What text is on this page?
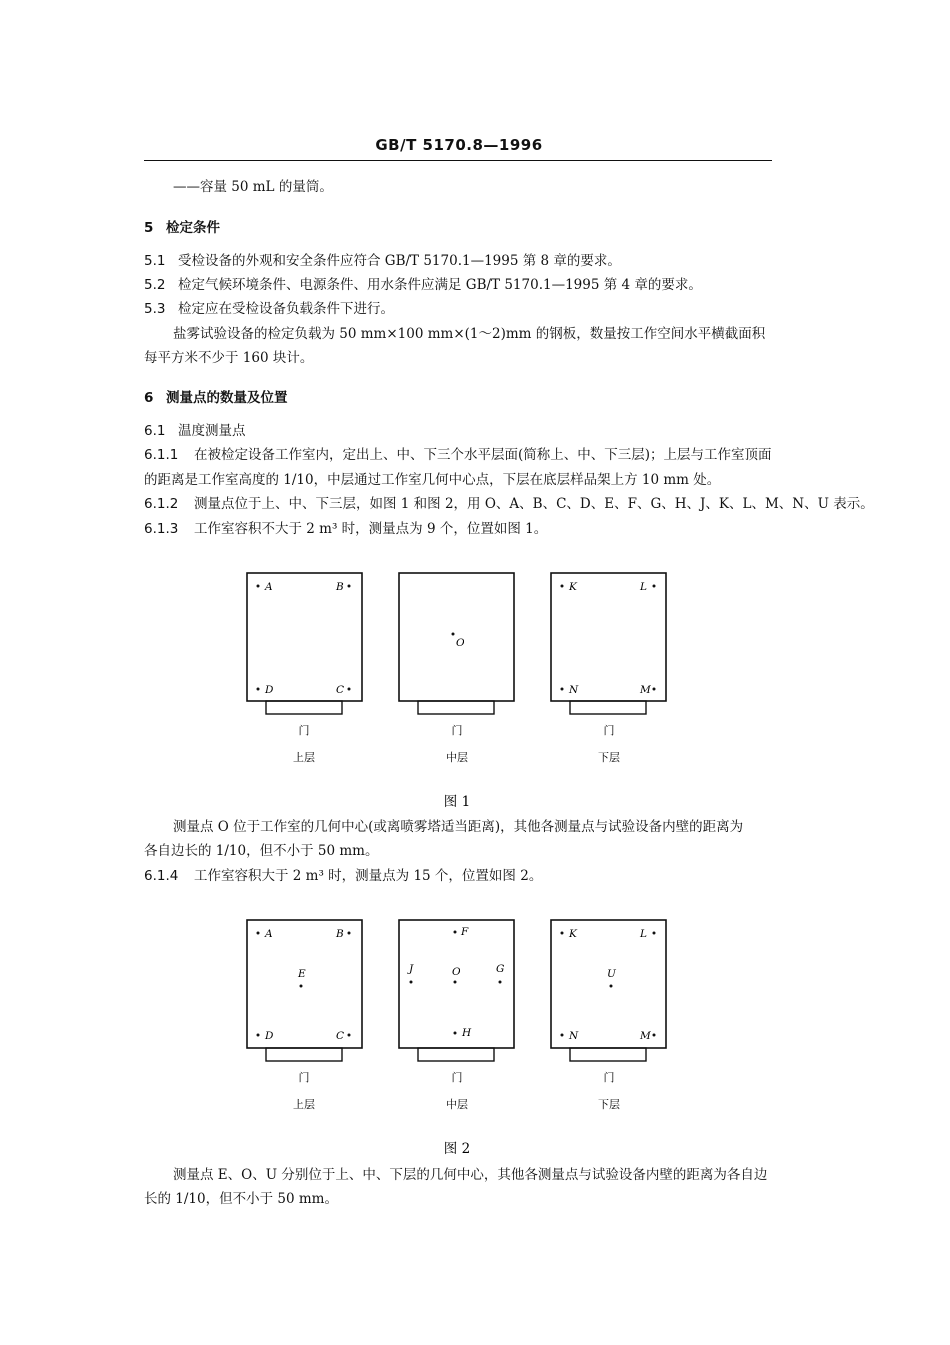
GB/T 5170.8—1996
——容量 50 mL 的量筒。
5 检定条件
5.1 受检设备的外观和安全条件应符合 GB/T 5170.1—1995 第 8 章的要求。
5.2 检定气候环境条件、电源条件、用水条件应满足 GB/T 5170.1—1995 第 4 章的要求。
5.3 检定应在受检设备负载条件下进行。
盐雾试验设备的检定负载为 50 mm×100 mm×(1～2)mm 的钢板，数量按工作空间水平横截面积
每平方米不少于 160 块计。
6 测量点的数量及位置
6.1 温度测量点
6.1.1 在被检定设备工作室内，定出上、中、下三个水平层面(简称上、中、下三层)；上层与工作室顶面
的距离是工作室高度的 1/10，中层通过工作室几何中心点，下层在底层样品架上方 10 mm 处。
6.1.2 测量点位于上、中、下三层，如图 1 和图 2，用 O、A、B、C、D、E、F、G、H、J、K、L、M、N、U 表示。
6.1.3 工作室容积不大于 2 m³ 时，测量点为 9 个，位置如图 1。
A	B
D	C
门
上层
O
门
中层
K	L
N	M
门
下层
图 1
测量点 O 位于工作室的几何中心(或离喷雾塔适当距离)，其他各测量点与试验设备内壁的距离为
各自边长的 1/10，但不小于 50 mm。
6.1.4 工作室容积大于 2 m³ 时，测量点为 15 个，位置如图 2。
A	B
E
D	C
门
上层
F
J	O	G
H
门
中层
K	L
U
N	M
门
下层
图 2
测量点 E、O、U 分别位于上、中、下层的几何中心，其他各测量点与试验设备内壁的距离为各自边
长的 1/10，但不小于 50 mm。
